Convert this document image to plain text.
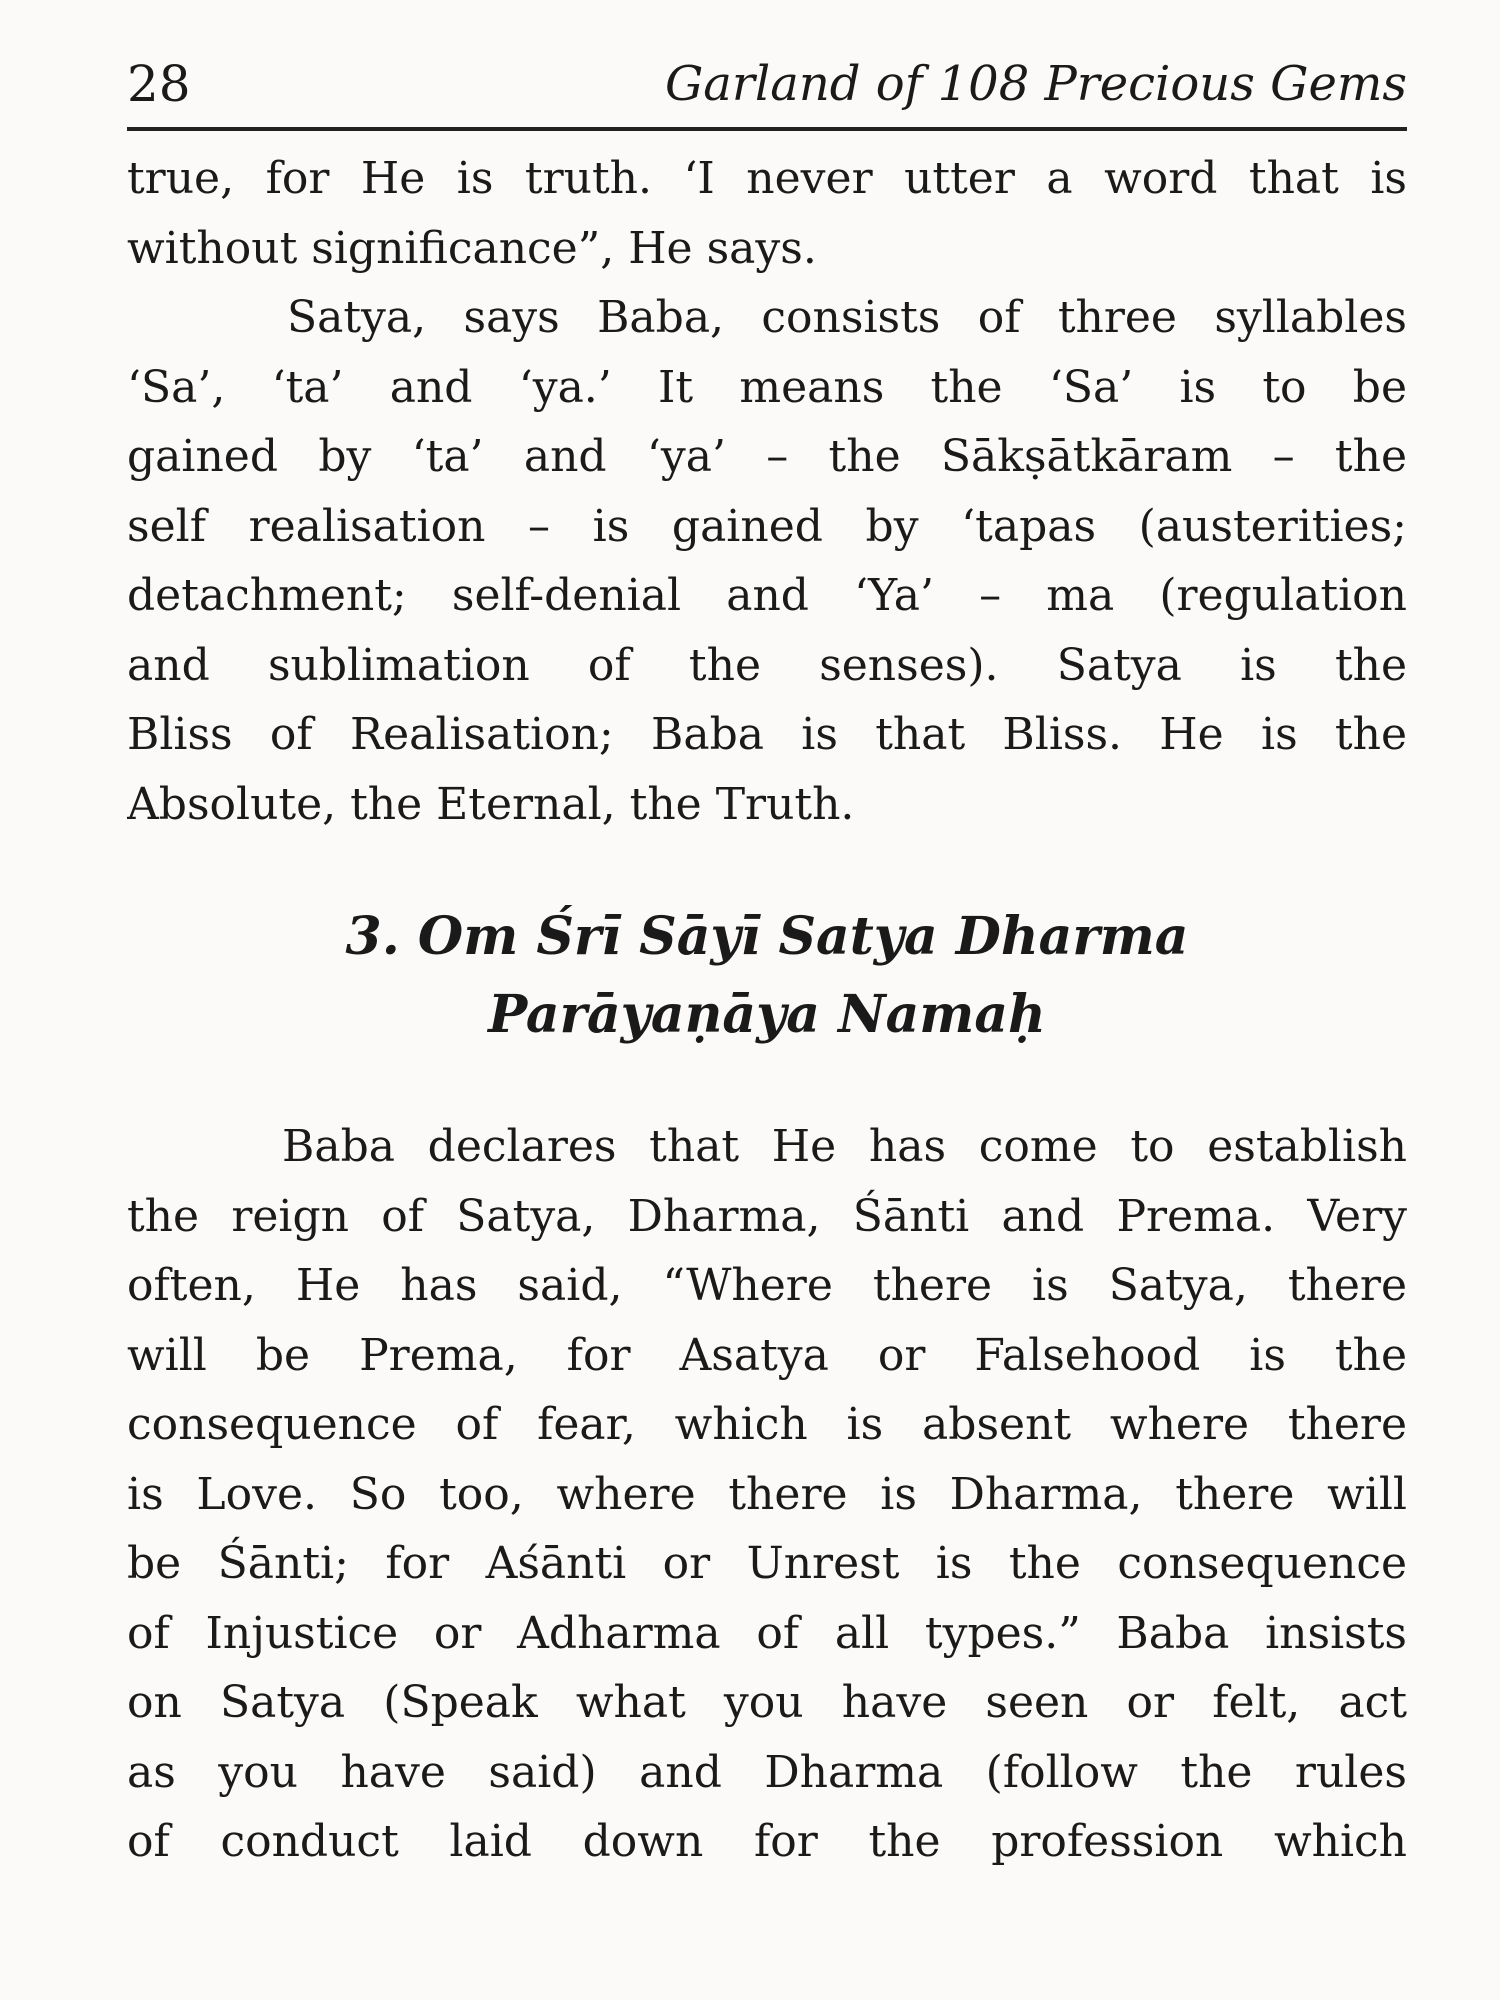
28	Garland of 108 Precious Gems
true, for He is truth. ‘I never utter a word that is
without significance”, He says.
Satya, says Baba, consists of three syllables
‘Sa’, ‘ta’ and ‘ya.’ It means the ‘Sa’ is to be
gained by ‘ta’ and ‘ya’ – the Sākṣātkāram – the
self realisation – is gained by ‘tapas (austerities;
detachment; self-denial and ‘Ya’ – ma (regulation
and sublimation of the senses). Satya is the
Bliss of Realisation; Baba is that Bliss. He is the
Absolute, the Eternal, the Truth.
3. Om Śrī Sāyī Satya Dharma
Parāyaṇāya Namaḥ
Baba declares that He has come to establish
the reign of Satya, Dharma, Śānti and Prema. Very
often, He has said, “Where there is Satya, there
will be Prema, for Asatya or Falsehood is the
consequence of fear, which is absent where there
is Love. So too, where there is Dharma, there will
be Śānti; for Aśānti or Unrest is the consequence
of Injustice or Adharma of all types.” Baba insists
on Satya (Speak what you have seen or felt, act
as you have said) and Dharma (follow the rules
of conduct laid down for the profession which
